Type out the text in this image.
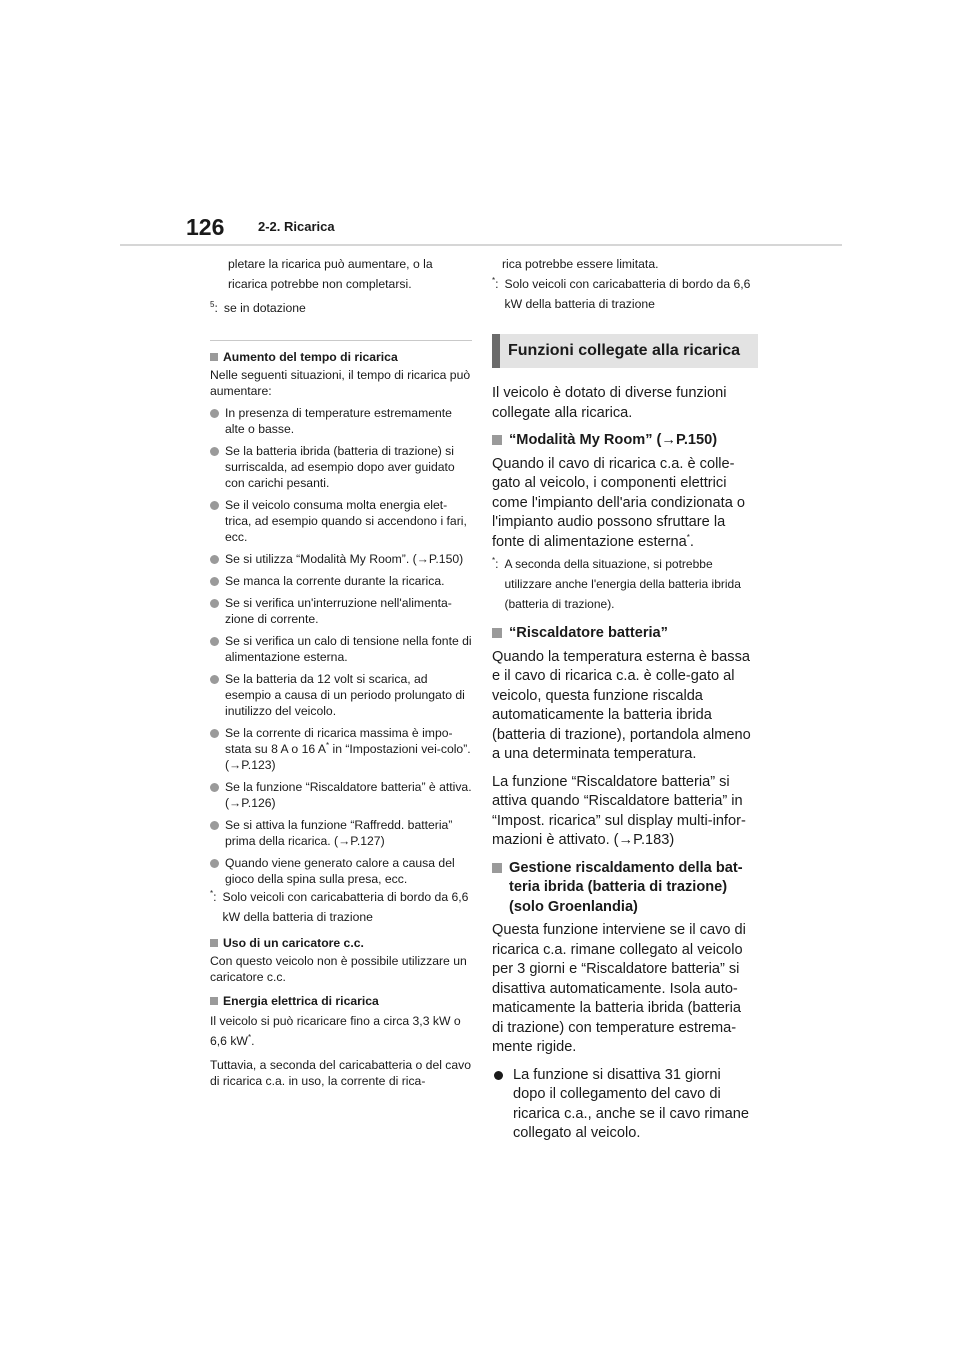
126	2-2. Ricarica

pletare la ricarica può aumentare, o la ricarica potrebbe non completarsi.

$^5$: se in dotazione
Aumento del tempo di ricarica

Nelle seguenti situazioni, il tempo di ricarica può aumentare:

In presenza di temperature estremamente alte o basse.
Se la batteria ibrida (batteria di trazione) si surriscalda, ad esempio dopo aver guidato con carichi pesanti.
Se il veicolo consuma molta energia elet-trica, ad esempio quando si accendono i fari, ecc.
Se si utilizza “Modalità My Room”. (→P.150)
Se manca la corrente durante la ricarica.
Se si verifica un'interruzione nell'alimenta-zione di corrente.
Se si verifica un calo di tensione nella fonte di alimentazione esterna.
Se la batteria da 12 volt si scarica, ad esempio a causa di un periodo prolungato di inutilizzo del veicolo.
Se la corrente di ricarica massima è impo-stata su 8 A o 16 A* in “Impostazioni vei-colo”. (→P.123)
Se la funzione “Riscaldatore batteria” è attiva. (→P.126)
Se si attiva la funzione “Raffredd. batteria” prima della ricarica. (→P.127)
Quando viene generato calore a causa del gioco della spina sulla presa, ecc.
*: Solo veicoli con caricabatteria di bordo da 6,6 kW della batteria di trazione
Uso di un caricatore c.c.

Con questo veicolo non è possibile utilizzare un caricatore c.c.

Energia elettrica di ricarica

Il veicolo si può ricaricare fino a circa 3,3 kW o 6,6 kW*.

Tuttavia, a seconda del caricabatteria o del cavo di ricarica c.a. in uso, la corrente di rica-

rica potrebbe essere limitata.

*: Solo veicoli con caricabatteria di bordo da 6,6 kW della batteria di trazione
Funzioni collegate alla ricarica

Il veicolo è dotato di diverse funzioni collegate alla ricarica.

“Modalità My Room” (→P.150)

Quando il cavo di ricarica c.a. è colle-gato al veicolo, i componenti elettrici come l'impianto dell'aria condizionata o l'impianto audio possono sfruttare la fonte di alimentazione esterna*.

*: A seconda della situazione, si potrebbe utilizzare anche l'energia della batteria ibrida (batteria di trazione).
“Riscaldatore batteria”

Quando la temperatura esterna è bassa e il cavo di ricarica c.a. è colle-gato al veicolo, questa funzione riscalda automaticamente la batteria ibrida (batteria di trazione), portandola almeno a una determinata temperatura.

La funzione “Riscaldatore batteria” si attiva quando “Riscaldatore batteria” in “Impost. ricarica” sul display multi-infor-mazioni è attivato. (→P.183)

Gestione riscaldamento della bat-teria ibrida (batteria di trazione) (solo Groenlandia)

Questa funzione interviene se il cavo di ricarica c.a. rimane collegato al veicolo per 3 giorni e “Riscaldatore batteria” si disattiva automaticamente. Isola auto-maticamente la batteria ibrida (batteria di trazione) con temperature estrema-mente rigide.

La funzione si disattiva 31 giorni dopo il collegamento del cavo di ricarica c.a., anche se il cavo rimane collegato al veicolo.
